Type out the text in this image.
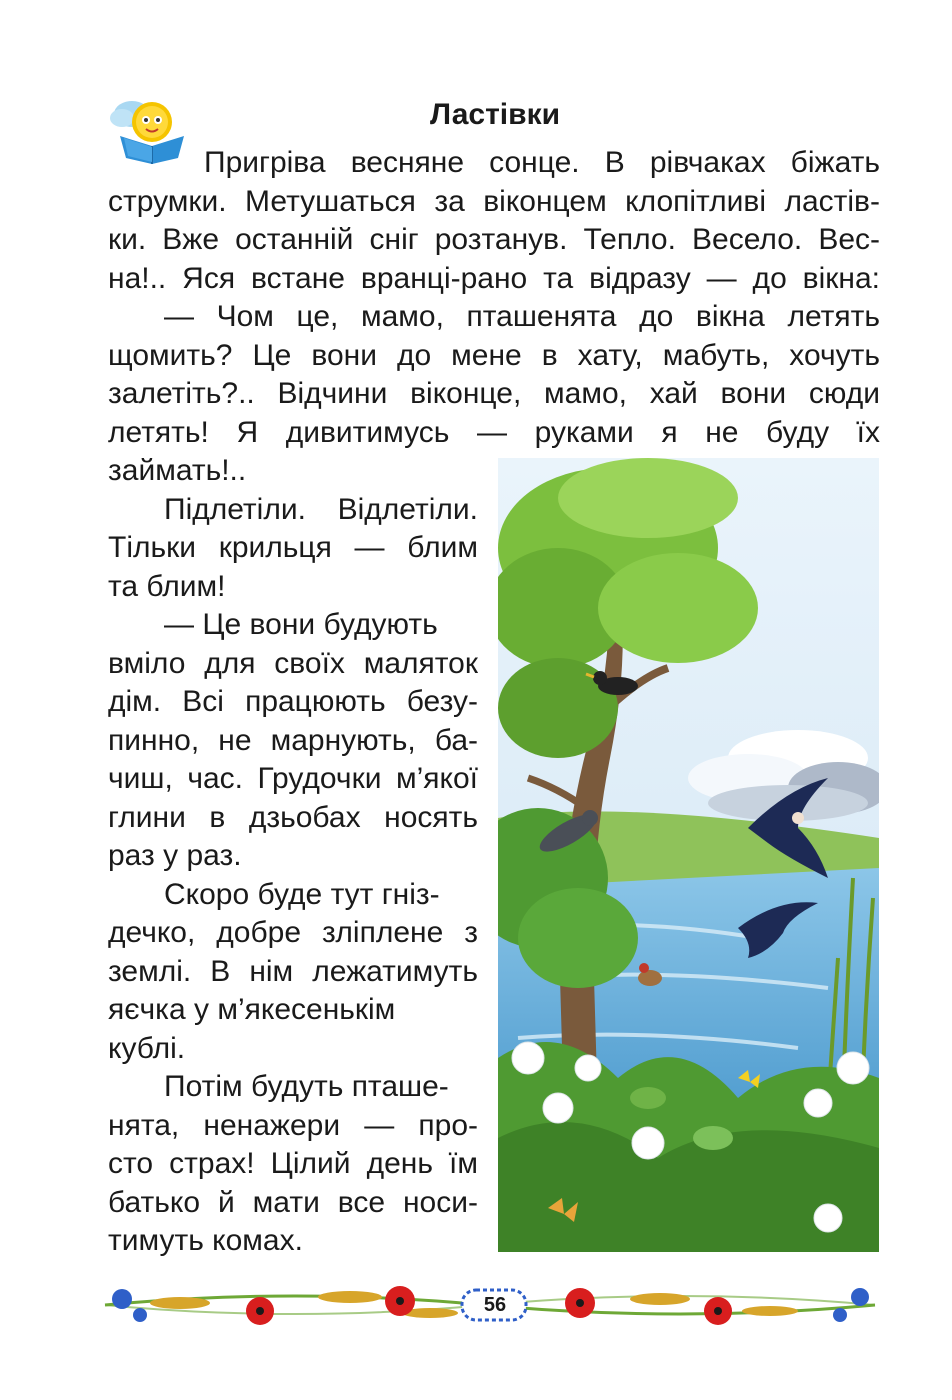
Ластівки
Пригріва весняне сонце. В рівчаках біжать
струмки. Метушаться за віконцем клопітливі ластів-
ки. Вже останній сніг розтанув. Тепло. Весело. Вес-
на!.. Яся встане вранці-рано та відразу — до вікна:
— Чом це, мамо, пташенята до вікна летять
щомить? Це вони до мене в хату, мабуть, хочуть
залетіть?.. Відчини віконце, мамо, хай вони сюди
летять! Я дивитимусь — руками я не буду їх
займать!..
Підлетіли. Відлетіли.
Тільки крильця — блим
та блим!
— Це вони будують
вміло для своїх маляток
дім. Всі працюють безу-
пинно, не марнують, ба-
чиш, час. Грудочки м’якої
глини в дзьобах носять
раз у раз.
Скоро буде тут гніз-
дечко, добре зліплене з
землі. В нім лежатимуть
яєчка у м’якесенькім
кублі.
Потім будуть пташе-
нята, ненажери — про-
сто страх! Цілий день їм
батько й мати все носи-
тимуть комах.
56
